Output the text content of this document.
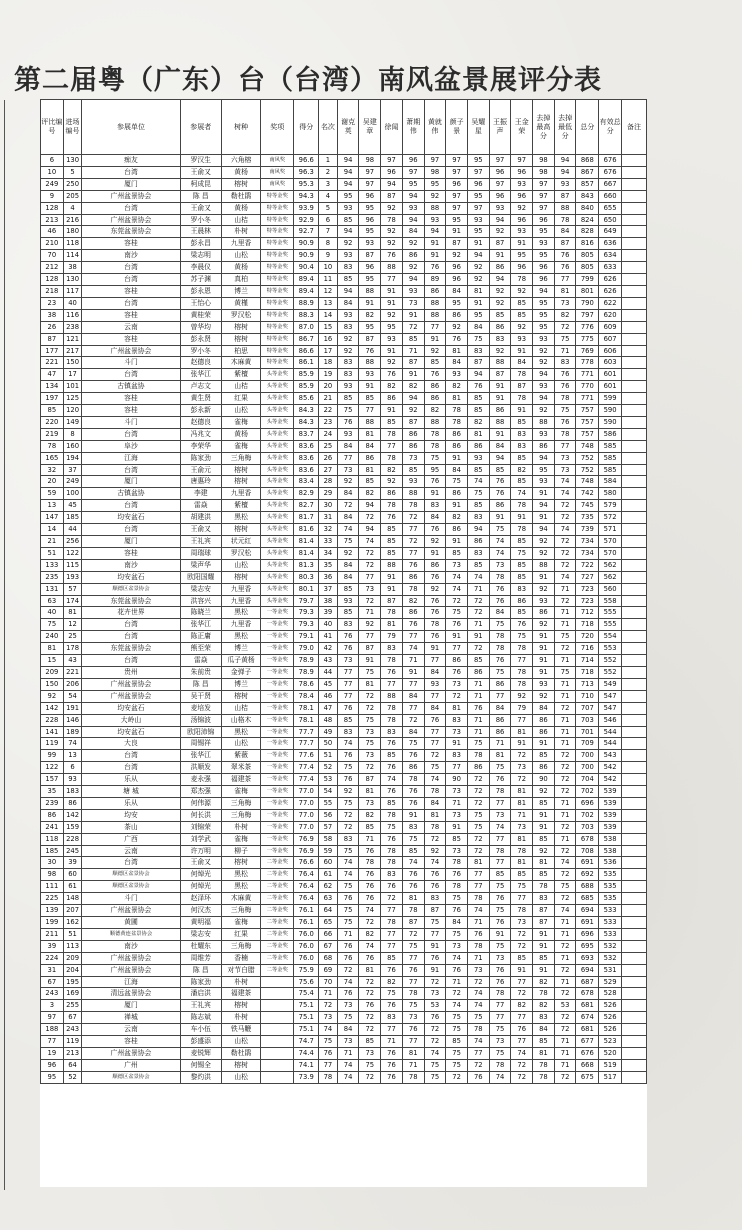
第二届粤（广东）台（台湾）南风盆景展评分表
评比编号	进场编号	参展单位	参展者	树种	奖项	得分	名次	谢克英	吴建章	徐闻	萧期伟	黄就伟	颜子景	吴耀星	王振声	王金荣	去掉最高分	去掉最低分	总分	有效总分	备注
6	130	痴友	罗汉生	六角榕	南风奖	96.6	1	94	98	97	96	97	97	95	97	97	98	94	868	676	
10	5	台湾	王俞又	黄杨	南风奖	96.3	2	94	97	96	97	98	97	97	96	96	98	94	867	676	
249	250	厦门	柯成昆	榕树	南风奖	95.3	3	94	97	94	95	95	96	96	97	93	97	93	857	667	
9	205	广州盆景协会	陈 昌	勒杜鹃	特等金奖	94.3	4	95	96	87	94	92	97	95	96	96	97	87	843	660	
128	4	台湾	王俞又	黄杨	特等金奖	93.9	5	93	95	92	93	88	97	97	93	92	97	88	840	655	
213	216	广州盆景协会	罗小冬	山桔	特等金奖	92.9	6	85	96	78	94	93	95	93	94	96	96	78	824	650	
46	180	东莞盆景协会	王晨林	朴树	特等金奖	92.7	7	94	95	92	84	94	91	95	92	93	95	84	828	649	
210	118	容桂	彭永昌	九里香	特等金奖	90.9	8	92	93	92	92	91	87	91	87	91	93	87	816	636	
70	114	南沙	梁志明	山松	特等金奖	90.9	9	93	87	76	86	91	92	94	91	95	95	76	805	634	
212	38	台湾	李晨仪	黄杨	特等金奖	90.4	10	83	96	88	92	76	96	92	86	96	96	76	805	633	
128	130	台湾	苏子渊	真柏	特等金奖	89.4	11	85	95	77	94	89	96	92	94	78	96	77	799	626	
218	117	容桂	彭永恩	博兰	特等金奖	89.4	12	94	88	91	93	86	84	81	92	92	94	81	801	626	
23	40	台湾	王怡心	黄槿	特等金奖	88.9	13	84	91	91	73	88	95	91	92	85	95	73	790	622	
38	116	容桂	黄桂荣	罗汉松	特等金奖	88.3	14	93	82	92	91	88	86	95	85	85	95	82	797	620	
26	238	云南	曾华均	榕树	特等金奖	87.0	15	83	95	95	72	77	92	84	86	92	95	72	776	609	
87	121	容桂	彭永贤	榕树	特等金奖	86.7	16	92	87	93	85	91	76	75	83	93	93	75	775	607	
177	217	广州盆景协会	罗小冬	柏思	特等金奖	86.6	17	92	76	91	71	92	81	83	92	91	92	71	769	606	
221	150	斗门	赵德良	木麻黄	特等金奖	86.1	18	83	88	92	87	85	84	87	88	84	92	83	778	603	
47	17	台湾	张华江	紫檀	头等金奖	85.9	19	83	93	76	91	76	93	94	87	78	94	76	771	601	
134	101	古镇盆协	卢志文	山桔	头等金奖	85.9	20	93	91	82	82	86	82	76	91	87	93	76	770	601	
197	125	容桂	黄生贤	红果	头等金奖	85.6	21	85	85	86	94	86	81	85	91	78	94	78	771	599	
85	120	容桂	彭永新	山松	头等金奖	84.3	22	75	77	91	92	82	78	85	86	91	92	75	757	590	
220	149	斗门	赵德良	雀梅	头等金奖	84.3	23	76	88	85	87	88	78	82	88	85	88	76	757	590	
219	8	台湾	冯兆文	黄杨	头等金奖	83.7	24	93	81	78	86	78	86	81	91	83	93	78	757	586	
78	160	阜沙	李荣华	雀梅	头等金奖	83.6	25	84	84	77	86	78	86	86	84	83	86	77	748	585	
165	194	江海	陈家劲	三角梅	头等金奖	83.6	26	77	86	78	73	75	91	93	94	85	94	73	752	585	
32	37	台湾	王俞元	榕树	头等金奖	83.6	27	73	81	82	85	95	84	85	85	82	95	73	752	585	
20	249	厦门	唐惠玲	榕树	头等金奖	83.4	28	92	85	92	93	76	75	74	76	85	93	74	748	584	
59	100	古镇盆协	李建	九里香	头等金奖	82.9	29	84	82	86	88	91	86	75	76	74	91	74	742	580	
13	45	台湾	雷焱	紫檀	头等金奖	82.7	30	72	94	78	78	83	91	85	86	78	94	72	745	579	
147	185	均安盆石	胡建洪	黑松	头等金奖	81.7	31	84	72	76	72	84	82	83	91	91	91	72	735	572	
14	44	台湾	王俞又	榕树	头等金奖	81.6	32	74	94	85	77	76	86	94	75	78	94	74	739	571	
21	256	厦门	王礼宾	状元红	头等金奖	81.4	33	75	74	85	72	92	91	86	74	85	92	72	734	570	
51	122	容桂	周瑞球	罗汉松	头等金奖	81.4	34	92	72	85	77	91	85	83	74	75	92	72	734	570	
133	115	南沙	梁声华	山松	头等金奖	81.3	35	84	72	88	76	86	73	85	73	85	88	72	722	562	
235	193	均安盆石	欧阳国耀	榕树	头等金奖	80.3	36	84	77	91	86	76	74	74	78	85	91	74	727	562	
131	57	顺德区盆景协会	梁志安	九里香	头等金奖	80.1	37	85	73	91	78	92	74	71	76	83	92	71	723	560	
63	174	东莞盆景协会	洪容兴	九里香	头等金奖	79.7	38	93	72	87	82	76	72	72	76	86	93	72	723	558	
40	81	花卉世界	陈晓兰	黑松	一等金奖	79.3	39	85	71	78	86	76	75	72	84	85	86	71	712	555	
75	12	台湾	张华江	九里香	一等金奖	79.3	40	83	92	81	76	78	76	71	75	76	92	71	718	555	
240	25	台湾	陈正庸	黑松	一等金奖	79.1	41	76	77	79	77	76	91	91	78	75	91	75	720	554	
81	178	东莞盆景协会	熊至荣	博兰	一等金奖	79.0	42	76	87	83	74	91	77	72	78	78	91	72	716	553	
15	43	台湾	雷焱	瓜子黄杨	一等金奖	78.9	43	73	91	78	71	77	86	85	76	77	91	71	714	552	
209	221	贵州	朱前贵	金弹子	一等金奖	78.9	44	77	75	76	91	84	76	86	75	78	91	75	718	552	
150	206	广州盆景协会	陈 昌	博兰	一等金奖	78.6	45	77	81	77	77	93	73	71	86	78	93	71	713	549	
92	54	广州盆景协会	吴干贤	榕树	一等金奖	78.4	46	77	72	88	84	77	72	71	77	92	92	71	710	547	
142	191	均安盆石	麦培发	山桔	一等金奖	78.1	47	76	72	78	77	84	81	76	84	79	84	72	707	547	
228	146	大岭山	汤锦波	山格木	一等金奖	78.1	48	85	75	78	72	76	83	71	86	77	86	71	703	546	
141	189	均安盆石	欧阳沛锦	黑松	一等金奖	77.7	49	83	73	83	84	77	73	71	86	81	86	71	701	544	
119	74	大良	周锡祥	山松	一等金奖	77.7	50	74	75	76	75	77	91	75	71	91	91	71	709	544	
99	13	台湾	张华江	紫薇	一等金奖	77.6	51	76	73	85	76	72	83	78	81	72	85	72	700	543	
122	6	台湾	洪顺发	翠米茶	一等金奖	77.4	52	75	72	76	86	75	77	86	75	73	86	72	700	542	
157	93	乐从	麦永强	福建茶	一等金奖	77.4	53	76	87	74	78	74	90	72	76	72	90	72	704	542	
35	183	塘 城	郑杰强	雀梅	一等金奖	77.0	54	92	81	76	76	78	73	72	78	81	92	72	702	539	
239	86	乐从	何伟源	三角梅	一等金奖	77.0	55	75	73	85	76	84	71	72	77	81	85	71	696	539	
86	142	均安	何长洪	三角梅	一等金奖	77.0	56	72	82	78	91	81	73	75	73	71	91	71	702	539	
241	159	茶山	刘锦荣	朴树	一等金奖	77.0	57	72	85	75	83	78	91	75	74	73	91	72	703	539	
118	228	广西	刘学武	雀梅	一等金奖	76.9	58	83	71	76	75	72	85	72	77	81	85	71	678	538	
185	245	云南	许万明	柳子	一等金奖	76.9	59	75	76	78	85	92	73	72	78	78	92	72	708	538	
30	39	台湾	王俞又	榕树	二等金奖	76.6	60	74	78	78	74	74	78	81	77	81	81	74	691	536	
98	60	顺德区盆景协会	何焯光	黑松	二等金奖	76.4	61	74	76	83	76	76	76	77	85	85	85	72	692	535	
111	61	顺德区盆景协会	何焯光	黑松	二等金奖	76.4	62	75	76	76	76	76	78	77	75	75	78	75	688	535	
225	148	斗门	赵泽环	木麻黄	二等金奖	76.4	63	76	76	72	81	83	75	78	76	77	83	72	685	535	
139	207	广州盆景协会	何汉杰	三角梅	二等金奖	76.1	64	75	74	77	78	87	76	74	75	78	87	74	694	533	
199	162	黄圃	黄明福	雀梅	二等金奖	76.1	65	75	72	78	87	75	84	71	76	73	87	71	691	533	
211	51	顺德黄连盆景协会	梁志安	红果	二等金奖	76.0	66	71	82	77	72	77	75	76	91	72	91	71	696	533	
39	113	南沙	杜耀东	三角梅	二等金奖	76.0	67	76	74	77	75	91	73	78	75	72	91	72	695	532	
224	209	广州盆景协会	周维芳	香楠	二等金奖	76.0	68	76	76	85	77	76	74	71	73	85	85	71	693	532	
31	204	广州盆景协会	陈 昌	对节白腊	二等金奖	75.9	69	72	81	76	76	91	76	73	76	91	91	72	694	531	
67	195	江海	陈家劲	朴树		75.6	70	74	72	82	77	72	71	72	76	77	82	71	687	529	
243	169	清远盆景协会	潘启洪	福建茶		75.4	71	76	72	75	78	73	72	74	78	72	78	72	678	528	
3	255	厦门	王礼宾	榕树		75.1	72	73	76	76	75	53	74	74	77	82	82	53	681	526	
97	67	禅城	陈志斌	朴树		75.1	73	75	72	83	73	76	75	75	77	77	83	72	674	526	
188	243	云南	车小伍	铁马鞭		75.1	74	84	72	77	76	72	75	78	75	76	84	72	681	526	
77	119	容桂	彭盛添	山松		74.7	75	73	85	71	77	72	85	74	73	77	85	71	677	523	
19	213	广州盆景协会	麦锐辉	勒杜鹃		74.4	76	71	73	76	81	74	75	77	75	74	81	71	676	520	
96	64	广州	何锡全	榕树		74.1	77	74	75	76	71	75	75	72	78	72	78	71	668	519	
95	52	顺德区盆景协会	黎灼洪	山松		73.9	78	74	72	76	78	75	72	76	74	72	78	72	675	517	
